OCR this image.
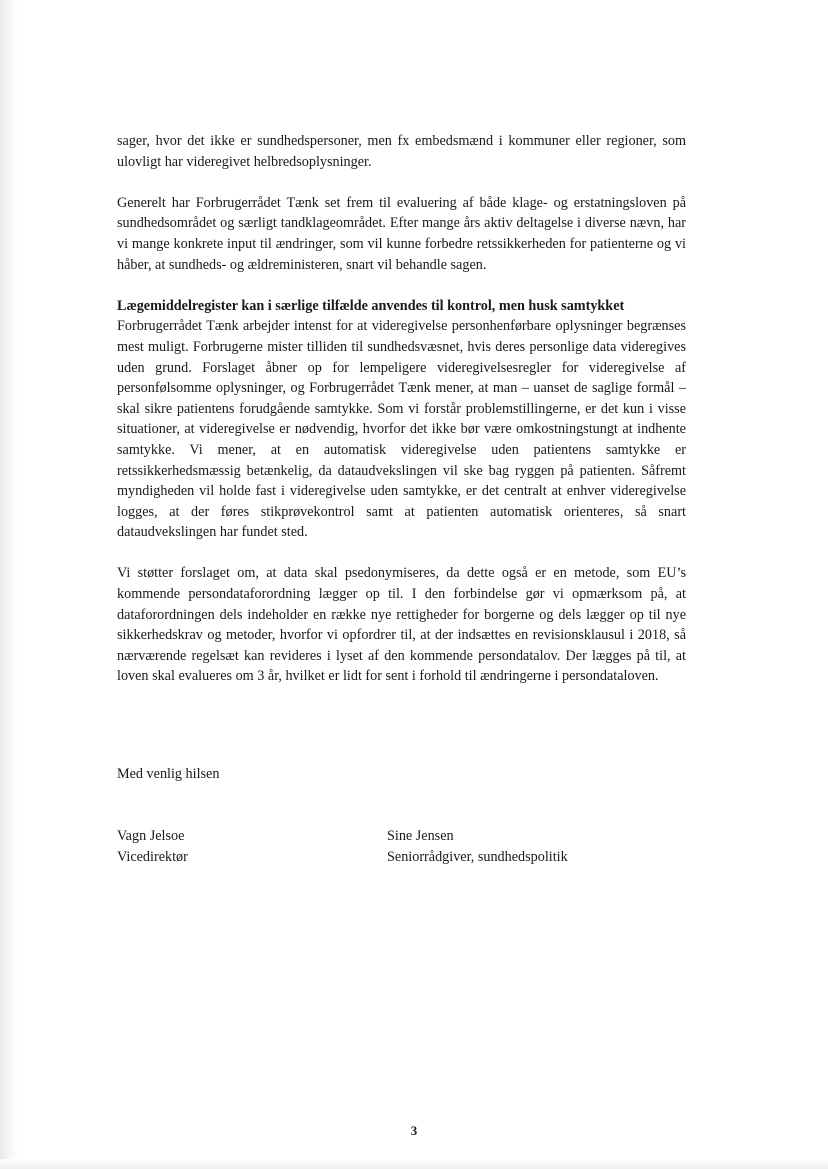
sager, hvor det ikke er sundhedspersoner, men fx embedsmænd i kommuner eller regioner, som ulovligt har videregivet helbredsoplysninger.

Generelt har Forbrugerrådet Tænk set frem til evaluering af både klage- og erstatningsloven på sundhedsområdet og særligt tandklageområdet. Efter mange års aktiv deltagelse i diverse nævn, har vi mange konkrete input til ændringer, som vil kunne forbedre retssikkerheden for patienterne og vi håber, at sundheds- og ældreministeren, snart vil behandle sagen.

Lægemiddelregister kan i særlige tilfælde anvendes til kontrol, men husk samtykket
Forbrugerrådet Tænk arbejder intenst for at videregivelse personhenførbare oplysninger begrænses mest muligt. Forbrugerne mister tilliden til sundhedsvæsnet, hvis deres personlige data videregives uden grund. Forslaget åbner op for lempeligere videregivelsesregler for videregivelse af personfølsomme oplysninger, og Forbrugerrådet Tænk mener, at man – uanset de saglige formål – skal sikre patientens forudgående samtykke. Som vi forstår problemstillingerne, er det kun i visse situationer, at videregivelse er nødvendig, hvorfor det ikke bør være omkostningstungt at indhente samtykke. Vi mener, at en automatisk videregivelse uden patientens samtykke er retssikkerhedsmæssig betænkelig, da dataudvekslingen vil ske bag ryggen på patienten. Såfremt myndigheden vil holde fast i videregivelse uden samtykke, er det centralt at enhver videregivelse logges, at der føres stikprøvekontrol samt at patienten automatisk orienteres, så snart dataudvekslingen har fundet sted.

Vi støtter forslaget om, at data skal psedonymiseres, da dette også er en metode, som EU’s kommende persondataforordning lægger op til. I den forbindelse gør vi opmærksom på, at dataforordningen dels indeholder en række nye rettigheder for borgerne og dels lægger op til nye sikkerhedskrav og metoder, hvorfor vi opfordrer til, at der indsættes en revisionsklausul i 2018, så nærværende regelsæt kan revideres i lyset af den kommende persondatalov. Der lægges på til, at loven skal evalueres om 3 år, hvilket er lidt for sent i forhold til ændringerne i persondataloven.

Med venlig hilsen
Vagn Jelsoe
Vicedirektør
Sine Jensen
Seniorrådgiver, sundhedspolitik
3
